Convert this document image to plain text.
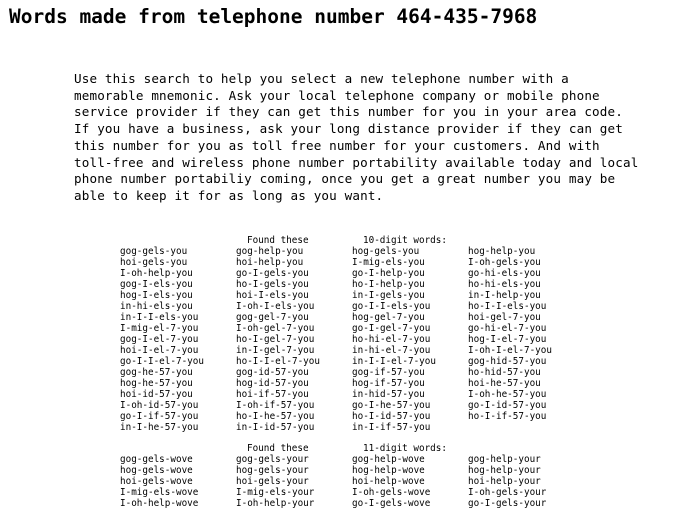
Words made from telephone number 464-435-7968
Use this search to help you select a new telephone number with a
memorable mnemonic. Ask your local telephone company or mobile phone
service provider if they can get this number for you in your area code.
If you have a business, ask your long distance provider if they can get
this number for you as toll free number for your customers. And with
toll-free and wireless phone number portability available today and local
phone number portabiliy coming, once you get a great number you may be
able to keep it for as long as you want.
Found these	10-digit words:
gog-gels-you
hoi-gels-you
I-oh-help-you
gog-I-els-you
hog-I-els-you
in-hi-els-you
in-I-I-els-you
I-mig-el-7-you
gog-I-el-7-you
hoi-I-el-7-you
go-I-I-el-7-you
gog-he-57-you
hog-he-57-you
hoi-id-57-you
I-oh-id-57-you
go-I-if-57-you
in-I-he-57-you
gog-help-you
hoi-help-you
go-I-gels-you
ho-I-gels-you
hoi-I-els-you
I-oh-I-els-you
gog-gel-7-you
I-oh-gel-7-you
ho-I-gel-7-you
in-I-gel-7-you
ho-I-I-el-7-you
gog-id-57-you
hog-id-57-you
hoi-if-57-you
I-oh-if-57-you
ho-I-he-57-you
in-I-id-57-you
hog-gels-you
I-mig-els-you
go-I-help-you
ho-I-help-you
in-I-gels-you
go-I-I-els-you
hog-gel-7-you
go-I-gel-7-you
ho-hi-el-7-you
in-hi-el-7-you
in-I-I-el-7-you
gog-if-57-you
hog-if-57-you
in-hid-57-you
go-I-he-57-you
ho-I-id-57-you
in-I-if-57-you
hog-help-you
I-oh-gels-you
go-hi-els-you
ho-hi-els-you
in-I-help-you
ho-I-I-els-you
hoi-gel-7-you
go-hi-el-7-you
hog-I-el-7-you
I-oh-I-el-7-you
gog-hid-57-you
ho-hid-57-you
hoi-he-57-you
I-oh-he-57-you
go-I-id-57-you
ho-I-if-57-you
Found these	11-digit words:
gog-gels-wove
hog-gels-wove
hoi-gels-wove
I-mig-els-wove
I-oh-help-wove
gog-gels-your
hog-gels-your
hoi-gels-your
I-mig-els-your
I-oh-help-your
gog-help-wove
hog-help-wove
hoi-help-wove
I-oh-gels-wove
go-I-gels-wove
gog-help-your
hog-help-your
hoi-help-your
I-oh-gels-your
go-I-gels-your
